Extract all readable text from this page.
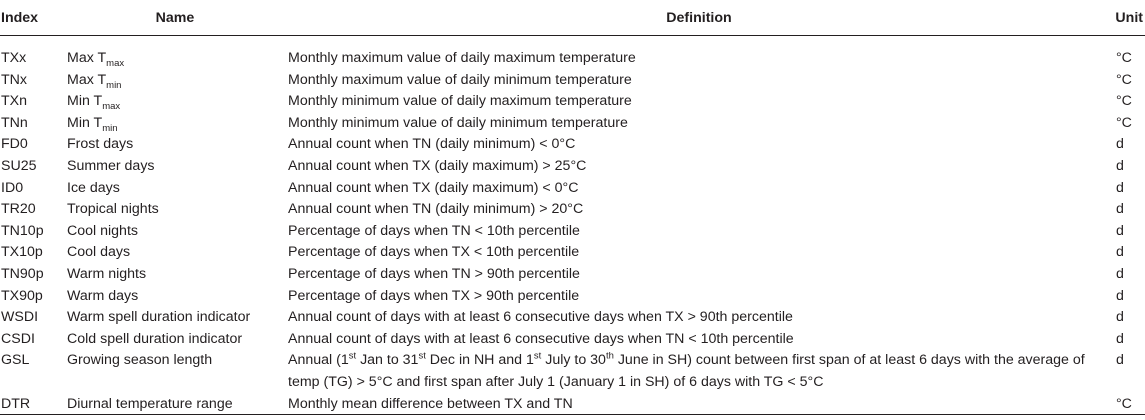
Index	Name	Definition	Unit
TXx	Max $T_{max}$	Monthly maximum value of daily maximum temperature	°C
TNx	Max $T_{min}$	Monthly maximum value of daily minimum temperature	°C
TXn	Min $T_{max}$	Monthly minimum value of daily maximum temperature	°C
TNn	Min $T_{min}$	Monthly minimum value of daily minimum temperature	°C
FD0	Frost days	Annual count when TN (daily minimum) < 0°C	d
SU25	Summer days	Annual count when TX (daily maximum) > 25°C	d
ID0	Ice days	Annual count when TX (daily maximum) < 0°C	d
TR20	Tropical nights	Annual count when TN (daily minimum) > 20°C	d
TN10p	Cool nights	Percentage of days when TN < 10th percentile	d
TX10p	Cool days	Percentage of days when TX < 10th percentile	d
TN90p	Warm nights	Percentage of days when TN > 90th percentile	d
TX90p	Warm days	Percentage of days when TX > 90th percentile	d
WSDI	Warm spell duration indicator	Annual count of days with at least 6 consecutive days when TX > 90th percentile	d
CSDI	Cold spell duration indicator	Annual count of days with at least 6 consecutive days when TN < 10th percentile	d
GSL	Growing season length	Annual (1st Jan to 31st Dec in NH and 1st July to 30th June in SH) count between first span of at least 6 days with the average of temp (TG) > 5°C and first span after July 1 (January 1 in SH) of 6 days with TG < 5°C	d
DTR	Diurnal temperature range	Monthly mean difference between TX and TN	°C
